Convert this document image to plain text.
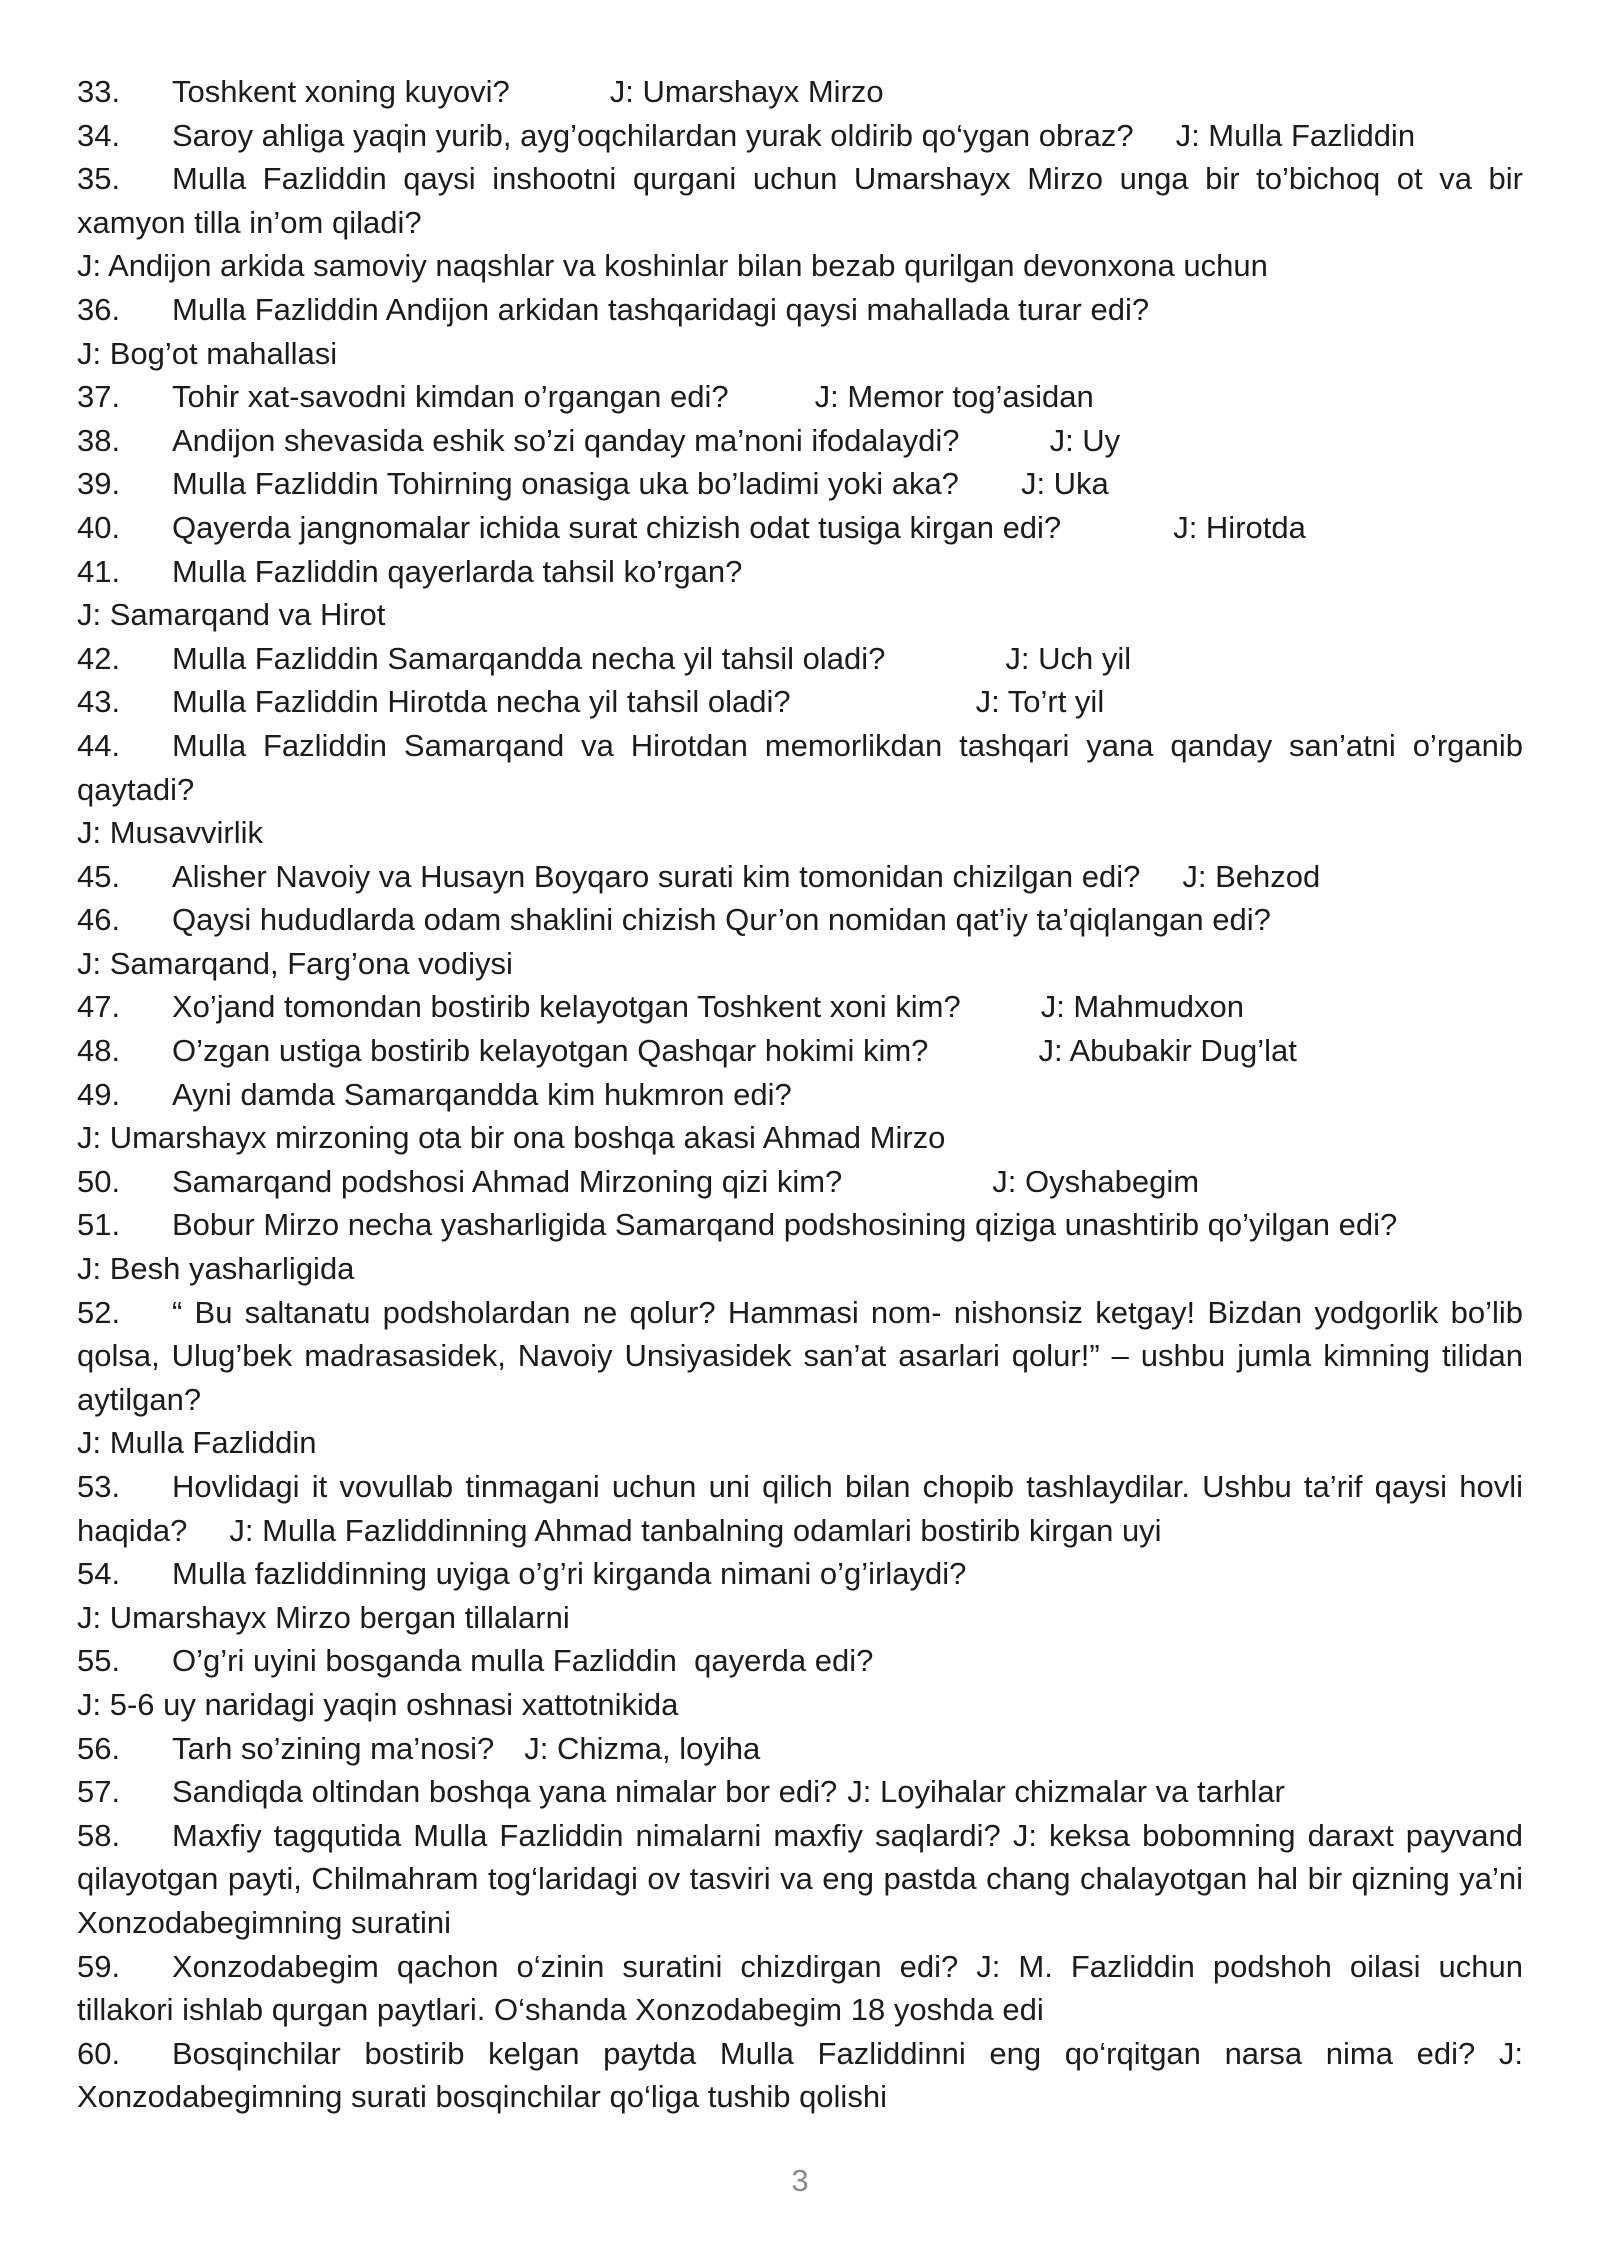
33. Toshkent xoning kuyovi?	J: Umarshayx Mirzo
34. Saroy ahliga yaqin yurib, ayg’oqchilardan yurak oldirib qo‘ygan obraz? J: Mulla Fazliddin
35. Mulla Fazliddin qaysi inshootni qurgani uchun Umarshayx Mirzo unga bir to’bichoq ot va bir xamyon tilla in’om qiladi?
J: Andijon arkida samoviy naqshlar va koshinlar bilan bezab qurilgan devonxona uchun
36. Mulla Fazliddin Andijon arkidan tashqaridagi qaysi mahallada turar edi?
J: Bog’ot mahallasi
37. Tohir xat-savodni kimdan o’rgangan edi?	J: Memor tog’asidan
38. Andijon shevasida eshik so’zi qanday ma’noni ifodalaydi?	J: Uy
39. Mulla Fazliddin Tohirning onasiga uka bo’ladimi yoki aka? J: Uka
40. Qayerda jangnomalar ichida surat chizish odat tusiga kirgan edi?	J: Hirotda
41. Mulla Fazliddin qayerlarda tahsil ko’rgan?
J: Samarqand va Hirot
42. Mulla Fazliddin Samarqandda necha yil tahsil oladi?	J: Uch yil
43. Mulla Fazliddin Hirotda necha yil tahsil oladi?	J: To’rt yil
44. Mulla Fazliddin Samarqand va Hirotdan memorlikdan tashqari yana qanday san’atni o’rganib qaytadi?
J: Musavvirlik
45. Alisher Navoiy va Husayn Boyqaro surati kim tomonidan chizilgan edi? J: Behzod
46. Qaysi hududlarda odam shaklini chizish Qur’on nomidan qat’iy ta’qiqlangan edi?
J: Samarqand, Farg’ona vodiysi
47. Xo’jand tomondan bostirib kelayotgan Toshkent xoni kim?	J: Mahmudxon
48. O’zgan ustiga bostirib kelayotgan Qashqar hokimi kim?	J: Abubakir Dug’lat
49. Ayni damda Samarqandda kim hukmron edi?
J: Umarshayx mirzoning ota bir ona boshqa akasi Ahmad Mirzo
50. Samarqand podshosi Ahmad Mirzoning qizi kim?	J: Oyshabegim
51. Bobur Mirzo necha yasharligida Samarqand podshosining qiziga unashtirib qo’yilgan edi?
J: Besh yasharligida
52. “ Bu saltanatu podsholardan ne qolur? Hammasi nom- nishonsiz ketgay! Bizdan yodgorlik bo’lib qolsa, Ulug’bek madrasasidek, Navoiy Unsiyasidek san’at asarlari qolur!” – ushbu jumla kimning tilidan aytilgan?
J: Mulla Fazliddin
53. Hovlidagi it vovullab tinmagani uchun uni qilich bilan chopib tashlaydilar. Ushbu ta’rif qaysi hovli haqida? J: Mulla Fazliddinning Ahmad tanbalning odamlari bostirib kirgan uyi
54. Mulla fazliddinning uyiga o’g’ri kirganda nimani o’g’irlaydi?
J: Umarshayx Mirzo bergan tillalarni
55. O’g’ri uyini bosganda mulla Fazliddin  qayerda edi?
J: 5-6 uy naridagi yaqin oshnasi xattotnikida
56. Tarh so’zining ma’nosi? J: Chizma, loyiha
57. Sandiqda oltindan boshqa yana nimalar bor edi? J: Loyihalar chizmalar va tarhlar
58. Maxfiy tagqutida Mulla Fazliddin nimalarni maxfiy saqlardi? J: keksa bobomning daraxt payvand qilayotgan payti, Chilmahram tog‘laridagi ov tasviri va eng pastda chang chalayotgan hal bir qizning ya’ni Xonzodabegimning suratini
59. Xonzodabegim qachon o‘zinin suratini chizdirgan edi? J: M. Fazliddin podshoh oilasi uchun tillakori ishlab qurgan paytlari. O‘shanda Xonzodabegim 18 yoshda edi
60. Bosqinchilar bostirib kelgan paytda Mulla Fazliddinni eng qo‘rqitgan narsa nima edi? J: Xonzodabegimning surati bosqinchilar qo‘liga tushib qolishi
3
